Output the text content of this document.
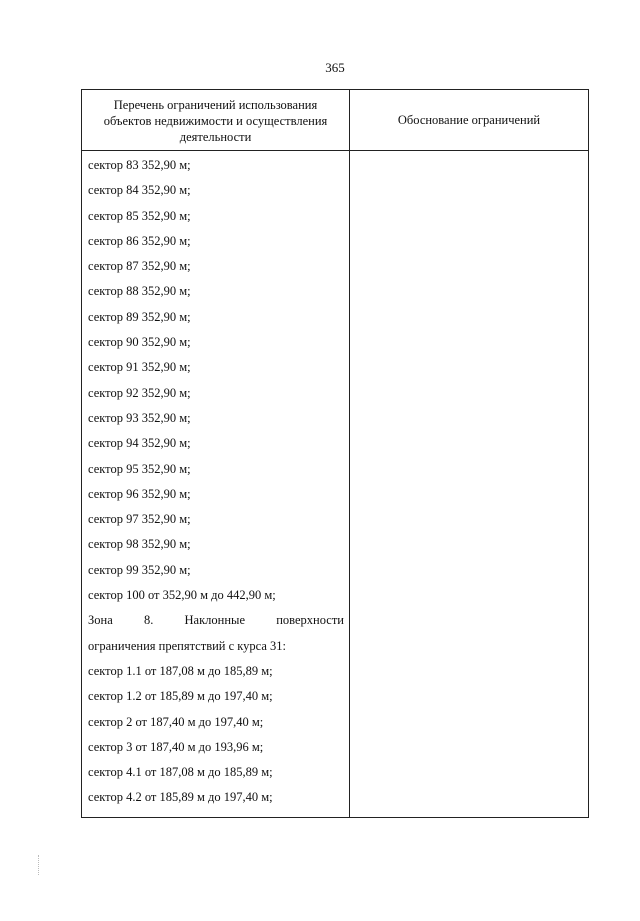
365
Перечень ограничений использования
объектов недвижимости и осуществления
деятельности
Обоснование ограничений
сектор 83 352,90 м;
сектор 84 352,90 м;
сектор 85 352,90 м;
сектор 86 352,90 м;
сектор 87 352,90 м;
сектор 88 352,90 м;
сектор 89 352,90 м;
сектор 90 352,90 м;
сектор 91 352,90 м;
сектор 92 352,90 м;
сектор 93 352,90 м;
сектор 94 352,90 м;
сектор 95 352,90 м;
сектор 96 352,90 м;
сектор 97 352,90 м;
сектор 98 352,90 м;
сектор 99 352,90 м;
сектор 100 от 352,90 м до 442,90 м;
Зона 8. Наклонные поверхности
ограничения препятствий с курса 31:
сектор 1.1 от 187,08 м до 185,89 м;
сектор 1.2 от 185,89 м до 197,40 м;
сектор 2 от 187,40 м до 197,40 м;
сектор 3 от 187,40 м до 193,96 м;
сектор 4.1 от 187,08 м до 185,89 м;
сектор 4.2 от 185,89 м до 197,40 м;
